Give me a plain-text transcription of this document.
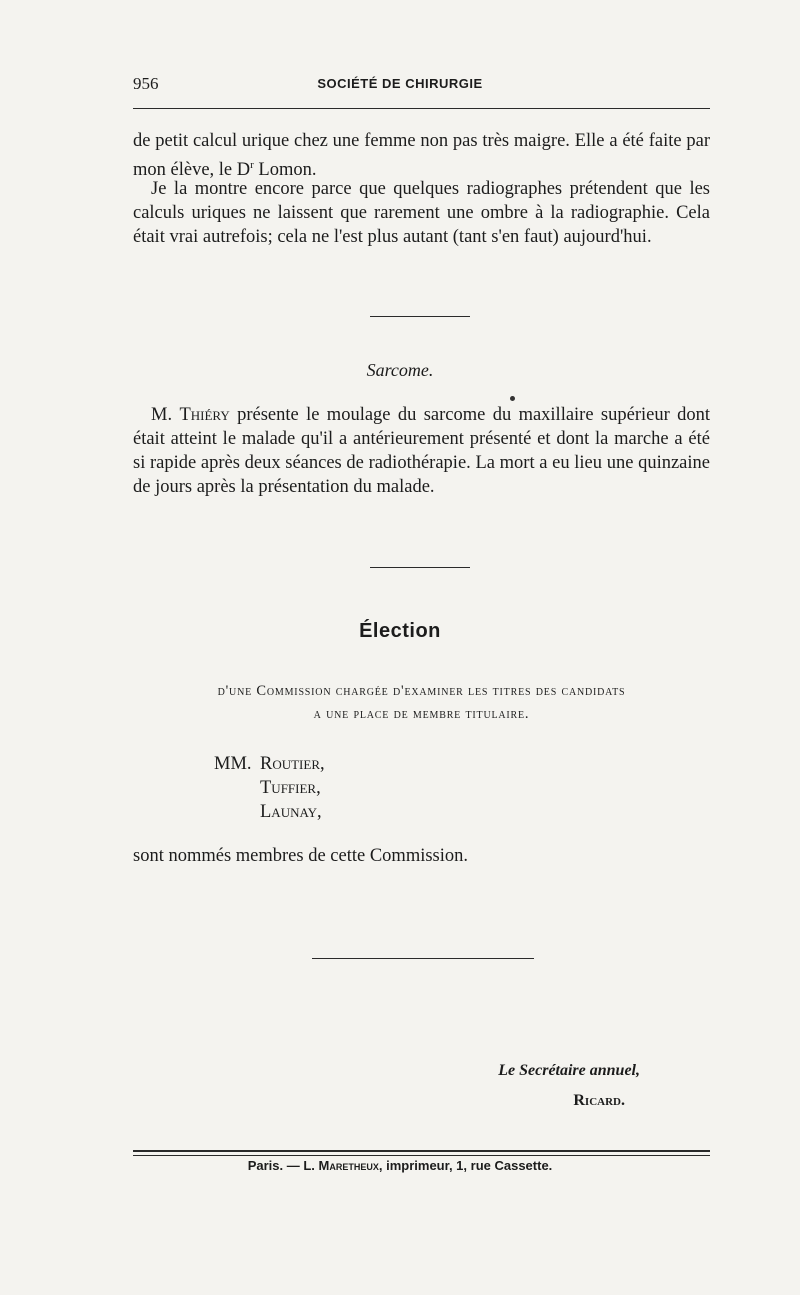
956	SOCIÉTÉ DE CHIRURGIE
de petit calcul urique chez une femme non pas très maigre. Elle a été faite par mon élève, le $D^r$ Lomon.
Je la montre encore parce que quelques radiographes prétendent que les calculs uriques ne laissent que rarement une ombre à la radiographie. Cela était vrai autrefois; cela ne l'est plus autant (tant s'en faut) aujourd'hui.
Sarcome.
M. Thiéry présente le moulage du sarcome du maxillaire supérieur dont était atteint le malade qu'il a antérieurement présenté et dont la marche a été si rapide après deux séances de radiothérapie. La mort a eu lieu une quinzaine de jours après la présentation du malade.
Élection
d'une Commission chargée d'examiner les titres des candidats
a une place de membre titulaire.
MM. Routier,
Tuffier,
Launay,
sont nommés membres de cette Commission.
Le Secrétaire annuel,
Ricard.
Paris. — L. Maretheux, imprimeur, 1, rue Cassette.
